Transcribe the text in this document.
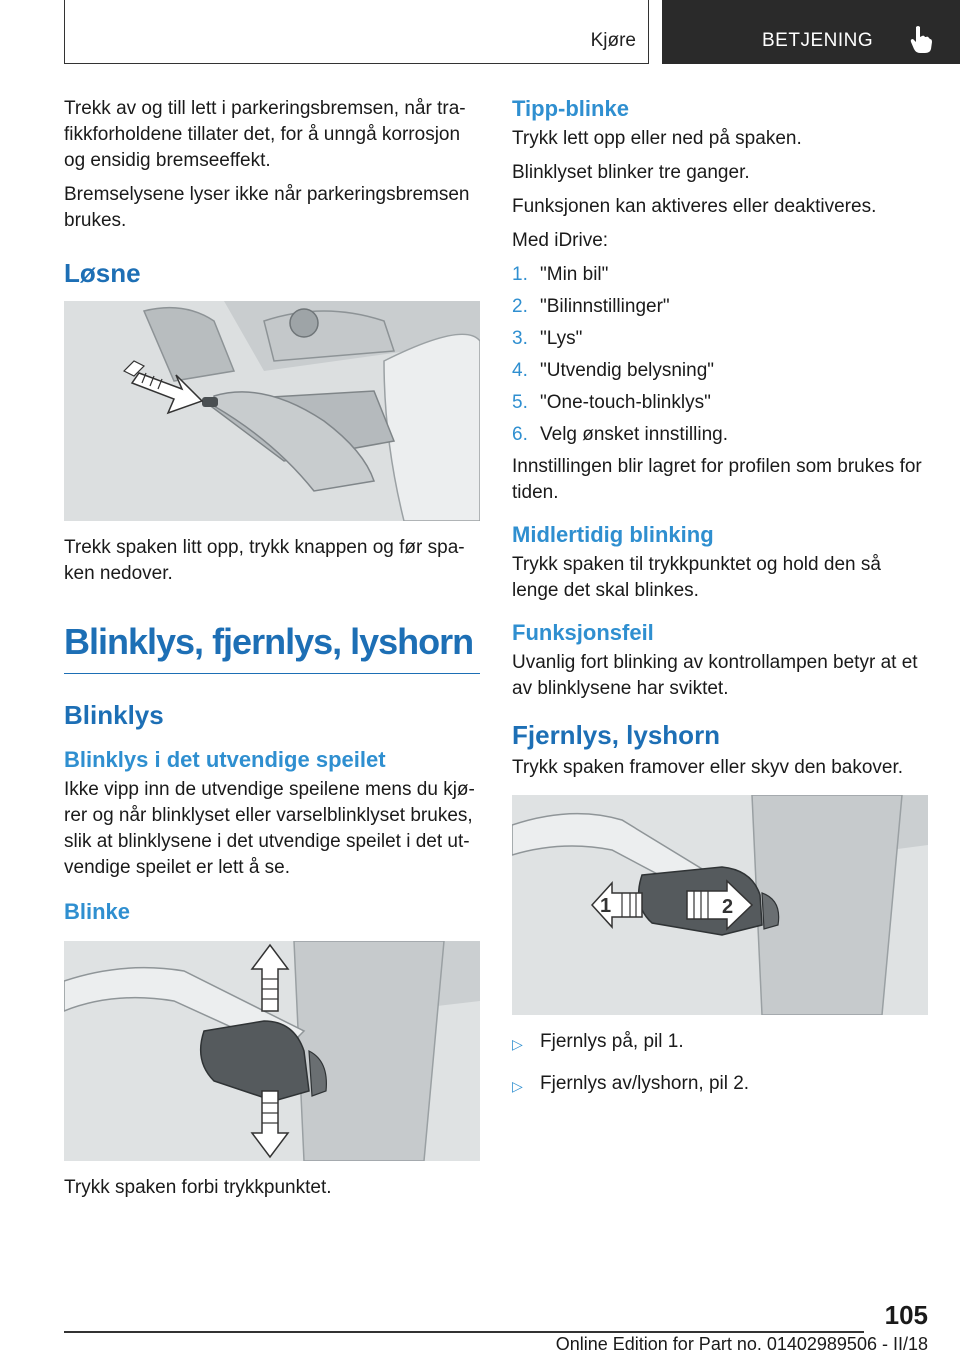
Kjøre	BETJENING

Trekk av og till lett i parkeringsbremsen, når tra-fikkforholdene tillater det, for å unngå korrosjon og ensidig bremseeffekt.

Bremselysene lyser ikke når parkeringsbremsen brukes.

Løsne

Trekk spaken litt opp, trykk knappen og før spa-ken nedover.

Blinklys, fjernlys, lyshorn
Blinklys
Blinklys i det utvendige speilet

Ikke vipp inn de utvendige speilene mens du kjø-rer og når blinklyset eller varselblinklyset brukes, slik at blinklysene i det utvendige speilet i det ut-vendige speilet er lett å se.

Blinke

Trykk spaken forbi trykkpunktet.

Tipp-blinke

Trykk lett opp eller ned på spaken.

Blinklyset blinker tre ganger.

Funksjonen kan aktiveres eller deaktiveres.

Med iDrive:

1. "Min bil"
2. "Bilinnstillinger"
3. "Lys"
4. "Utvendig belysning"
5. "One-touch-blinklys"
6. Velg ønsket innstilling.

Innstillingen blir lagret for profilen som brukes for tiden.

Midlertidig blinking

Trykk spaken til trykkpunktet og hold den så lenge det skal blinkes.

Funksjonsfeil

Uvanlig fort blinking av kontrollampen betyr at et av blinklysene har sviktet.

Fjernlys, lyshorn

Trykk spaken framover eller skyv den bakover.

1	2
▷ Fjernlys på, pil 1.
▷ Fjernlys av/lyshorn, pil 2.
105
Online Edition for Part no. 01402989506 - II/18
